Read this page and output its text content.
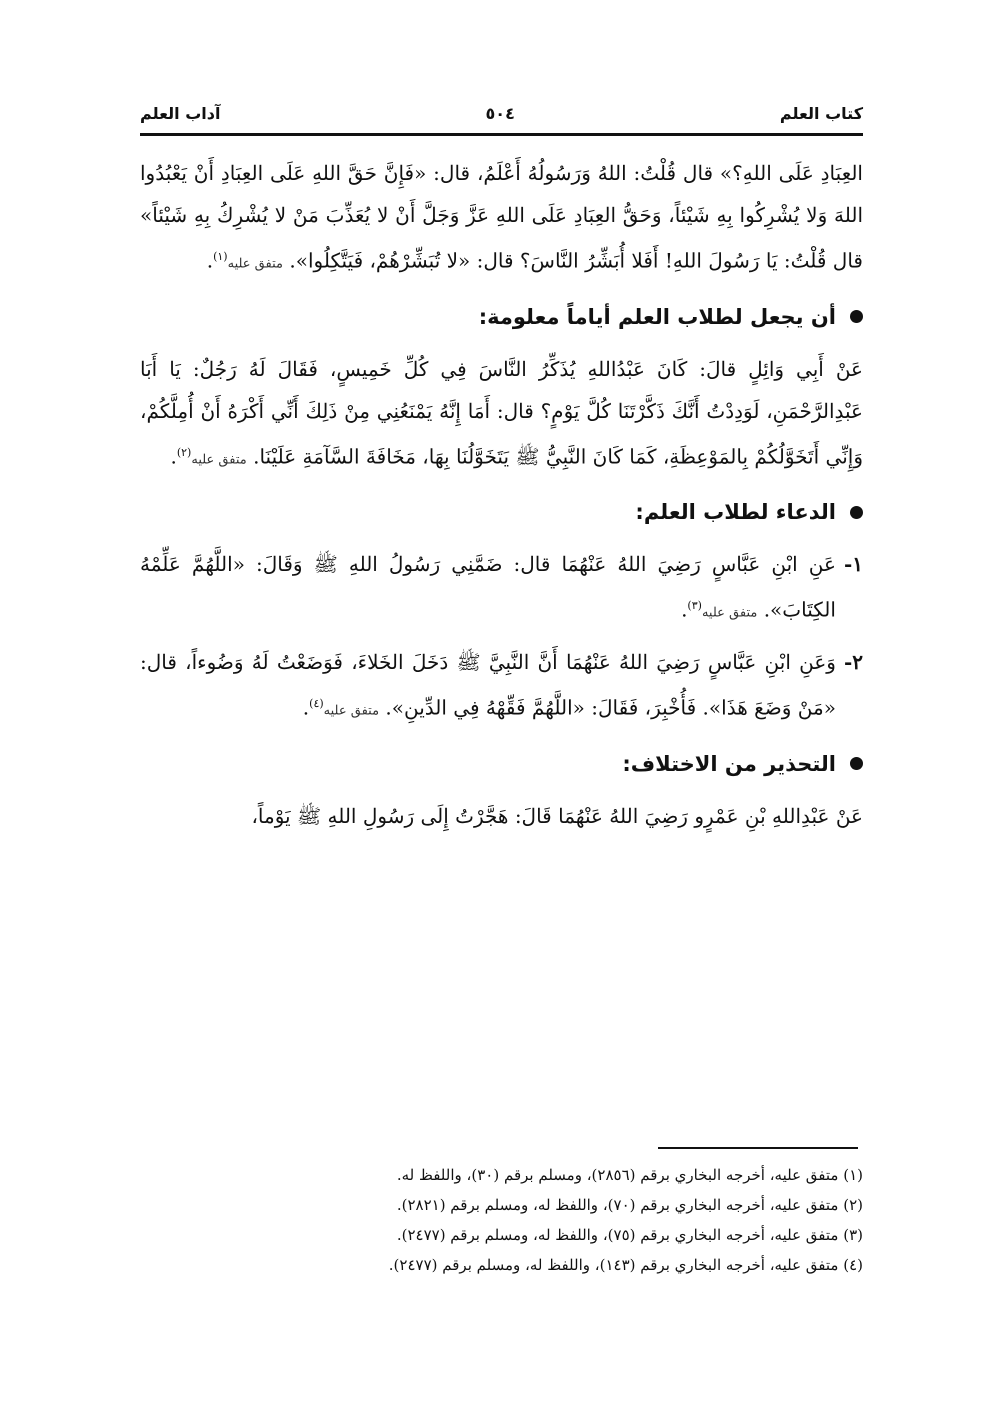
كتاب العلم
٥٠٤
آداب العلم

العِبَادِ عَلَى اللهِ؟» قال قُلْتُ: اللهُ وَرَسُولُهُ أَعْلَمُ، قال: «فَإِنَّ حَقَّ اللهِ عَلَى العِبَادِ أَنْ يَعْبُدُوا اللهَ وَلا يُشْرِكُوا بِهِ شَيْئاً، وَحَقُّ العِبَادِ عَلَى اللهِ عَزَّ وَجَلَّ أَنْ لا يُعَذِّبَ مَنْ لا يُشْرِكُ بِهِ شَيْئاً» قال قُلْتُ: يَا رَسُولَ اللهِ! أَفَلا أُبَشِّرُ النَّاسَ؟ قال: «لا تُبَشِّرْهُمْ، فَيَتَّكِلُوا». متفق عليه$^{(١)}$.

أن يجعل لطلاب العلم أياماً معلومة:

عَنْ أَبِي وَائِلٍ قالَ: كَانَ عَبْدُاللهِ يُذَكِّرُ النَّاسَ فِي كُلِّ خَمِيسٍ، فَقَالَ لَهُ رَجُلٌ: يَا أَبَا عَبْدِالرَّحْمَنِ، لَوَدِدْتُ أَنَّكَ ذَكَّرْتَنَا كُلَّ يَوْمٍ؟ قال: أَمَا إِنَّهُ يَمْنَعُنِي مِنْ ذَلِكَ أَنِّي أَكْرَهُ أَنْ أُمِلَّكُمْ، وَإِنِّي أَتَخَوَّلُكُمْ بِالمَوْعِظَةِ، كَمَا كَانَ النَّبِيُّ ﷺ يَتَخَوَّلُنَا بِهَا، مَخَافَةَ السَّآمَةِ عَلَيْنَا. متفق عليه$^{(٢)}$.

الدعاء لطلاب العلم:
١-
عَنِ ابْنِ عَبَّاسٍ رَضِيَ اللهُ عَنْهُمَا قال: ضَمَّنِي رَسُولُ اللهِ ﷺ وَقَالَ: «اللَّهُمَّ عَلِّمْهُ الكِتَابَ». متفق عليه$^{(٣)}$.
٢-
وَعَنِ ابْنِ عَبَّاسٍ رَضِيَ اللهُ عَنْهُمَا أَنَّ النَّبِيَّ ﷺ دَخَلَ الخَلاءَ، فَوَضَعْتُ لَهُ وَضُوءاً، قال: «مَنْ وَضَعَ هَذَا». فَأُخْبِرَ، فَقَالَ: «اللَّهُمَّ فَقِّهْهُ فِي الدِّينِ». متفق عليه$^{(٤)}$.
التحذير من الاختلاف:

عَنْ عَبْدِاللهِ بْنِ عَمْرٍو رَضِيَ اللهُ عَنْهُمَا قَالَ: هَجَّرْتُ إِلَى رَسُولِ اللهِ ﷺ يَوْماً،

(١) متفق عليه، أخرجه البخاري برقم (٢٨٥٦)، ومسلم برقم (٣٠)، واللفظ له.

(٢) متفق عليه، أخرجه البخاري برقم (٧٠)، واللفظ له، ومسلم برقم (٢٨٢١).

(٣) متفق عليه، أخرجه البخاري برقم (٧٥)، واللفظ له، ومسلم برقم (٢٤٧٧).

(٤) متفق عليه، أخرجه البخاري برقم (١٤٣)، واللفظ له، ومسلم برقم (٢٤٧٧).
